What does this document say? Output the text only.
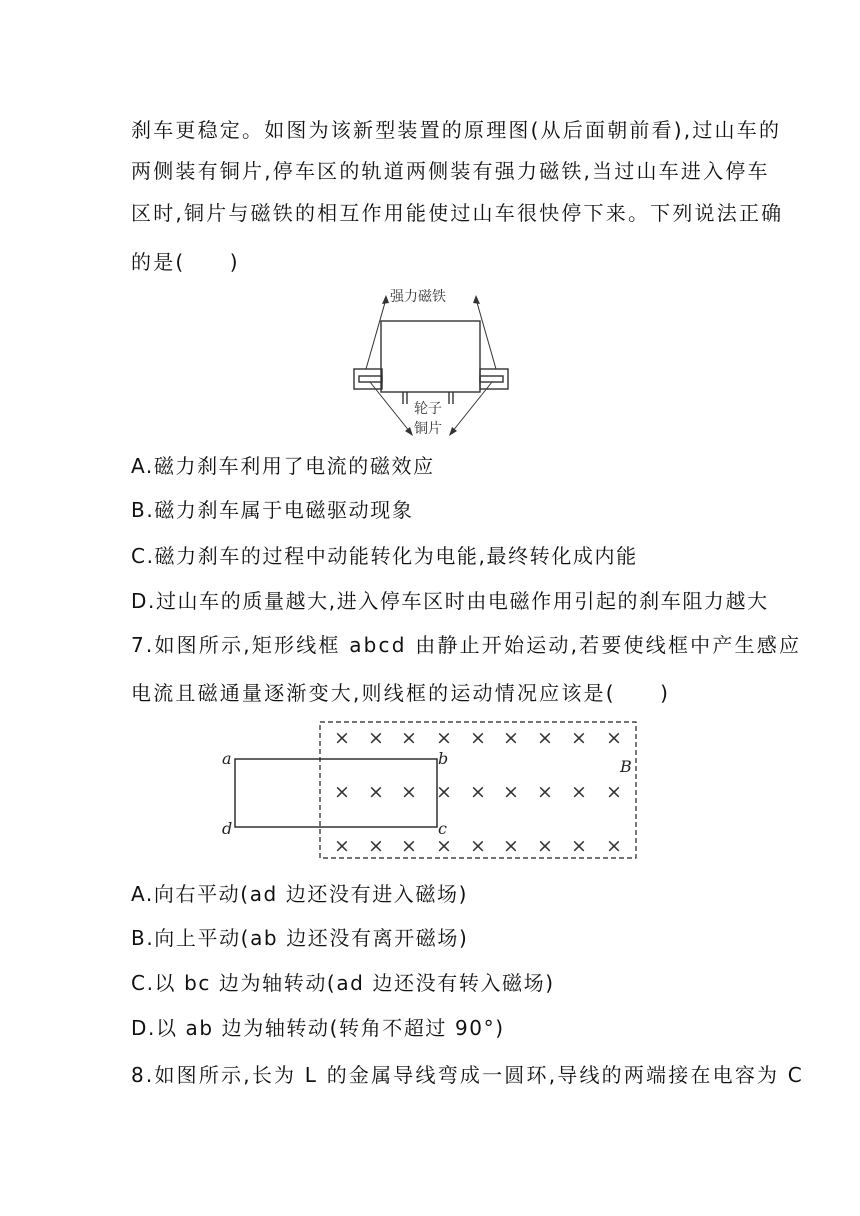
刹车更稳定。如图为该新型装置的原理图(从后面朝前看),过山车的
两侧装有铜片,停车区的轨道两侧装有强力磁铁,当过山车进入停车
区时,铜片与磁铁的相互作用能使过山车很快停下来。下列说法正确
的是(　　)
强力磁铁
轮子
铜片
A.磁力刹车利用了电流的磁效应
B.磁力刹车属于电磁驱动现象
C.磁力刹车的过程中动能转化为电能,最终转化成内能
D.过山车的质量越大,进入停车区时由电磁作用引起的刹车阻力越大
7.如图所示,矩形线框 abcd 由静止开始运动,若要使线框中产生感应
电流且磁通量逐渐变大,则线框的运动情况应该是(　　)
× × × × × × × × ×
× × × × × × × × ×
× × × × × × × × ×
a	b
c
d
B
A.向右平动(ad 边还没有进入磁场)
B.向上平动(ab 边还没有离开磁场)
C.以 bc 边为轴转动(ad 边还没有转入磁场)
D.以 ab 边为轴转动(转角不超过 90°)
8.如图所示,长为 L 的金属导线弯成一圆环,导线的两端接在电容为 C
